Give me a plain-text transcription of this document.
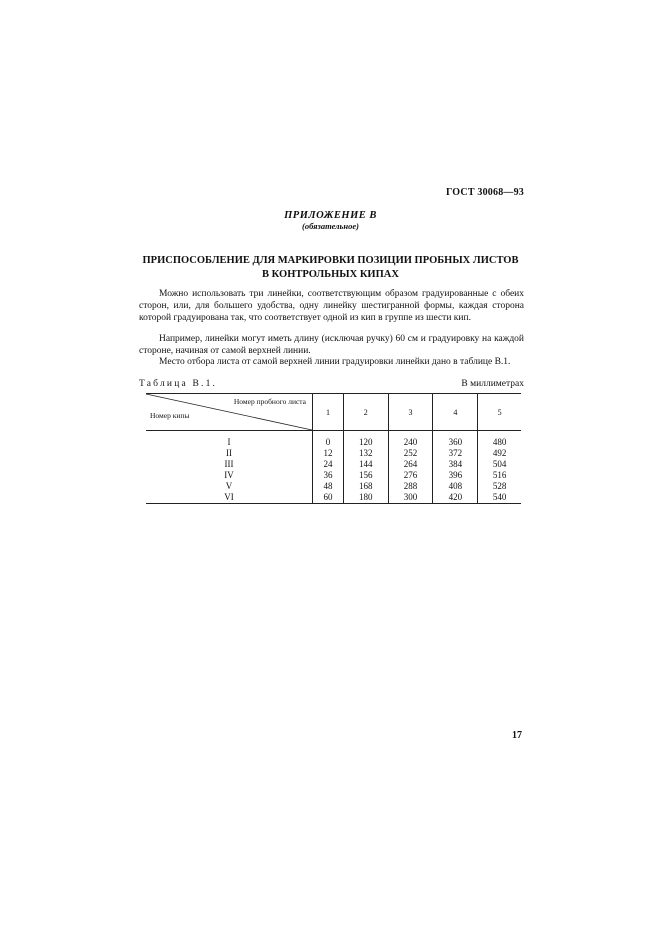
ГОСТ 30068—93
ПРИЛОЖЕНИЕ В
(обязательное)
ПРИСПОСОБЛЕНИЕ ДЛЯ МАРКИРОВКИ ПОЗИЦИИ ПРОБНЫХ ЛИСТОВ
В КОНТРОЛЬНЫХ КИПАХ
Можно использовать три линейки, соответствующим образом градуированные с обеих сторон, или, для большего удобства, одну линейку шестигранной формы, каждая сторона которой градуирована так, что соответствует одной из кип в группе из шести кип.
Например, линейки могут иметь длину (исключая ручку) 60 см и градуировку на каждой стороне, начиная от самой верхней линии.
Место отбора листа от самой верхней линии градуировки линейки дано в таблице В.1.
Таблица В.1.	В миллиметрах
Номер пробного листа
Номер кипы	1	2	3	4	5
I	0	120	240	360	480
II	12	132	252	372	492
III	24	144	264	384	504
IV	36	156	276	396	516
V	48	168	288	408	528
VI	60	180	300	420	540
17
